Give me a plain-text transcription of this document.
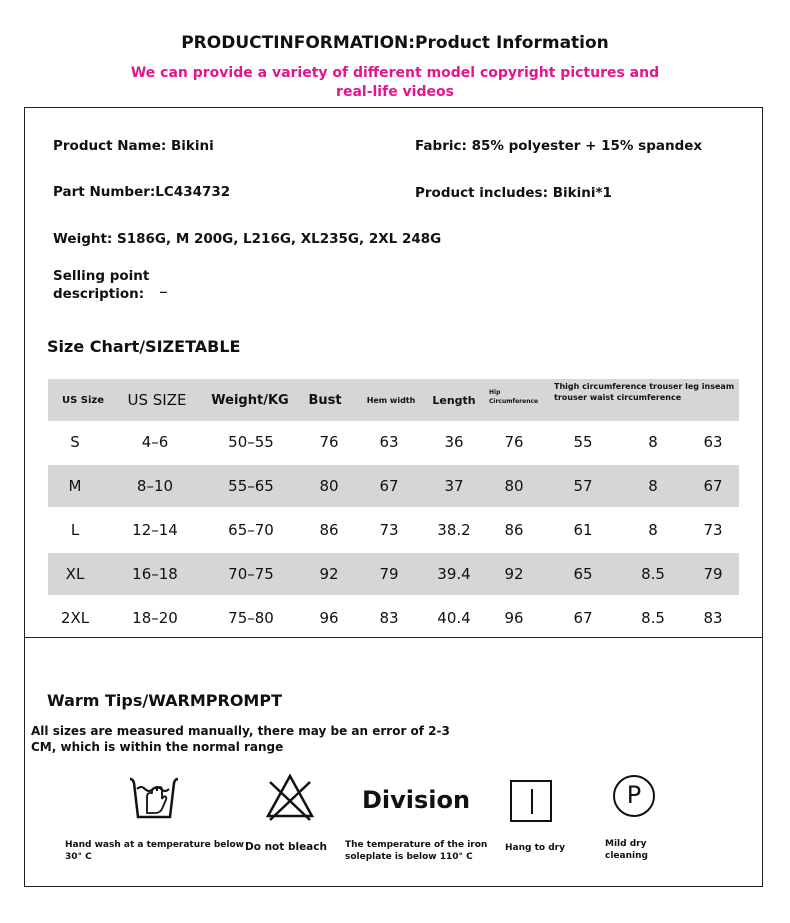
PRODUCTINFORMATION:Product Information
We can provide a variety of different model copyright pictures and
real-life videos
Product Name: Bikini	Fabric: 85% polyester + 15% spandex
Part Number:LC434732	Product includes: Bikini*1
Weight: S186G, M 200G, L216G, XL235G, 2XL 248G
Selling point
description:	_
Size Chart/SIZETABLE
US Size	US SIZE	Weight/KG	Bust	Hem width	Length
Hip
Circumference
Thigh circumference trouser leg inseam
trouser waist circumference
S	4–6	50–55	76	63	36	76	55	8	63
M	8–10	55–65	80	67	37	80	57	8	67
L	12–14	65–70	86	73	38.2	86	61	8	73
XL	16–18	70–75	92	79	39.4	92	65	8.5	79
2XL	18–20	75–80	96	83	40.4	96	67	8.5	83
Warm Tips/WARMPROMPT
All sizes are measured manually, there may be an error of 2-3
CM, which is within the normal range
Division	P
Hand wash at a temperature below
30° C
Do not bleach The temperature of the iron
soleplate is below 110° C
Hang to dry	Mild dry
cleaning
